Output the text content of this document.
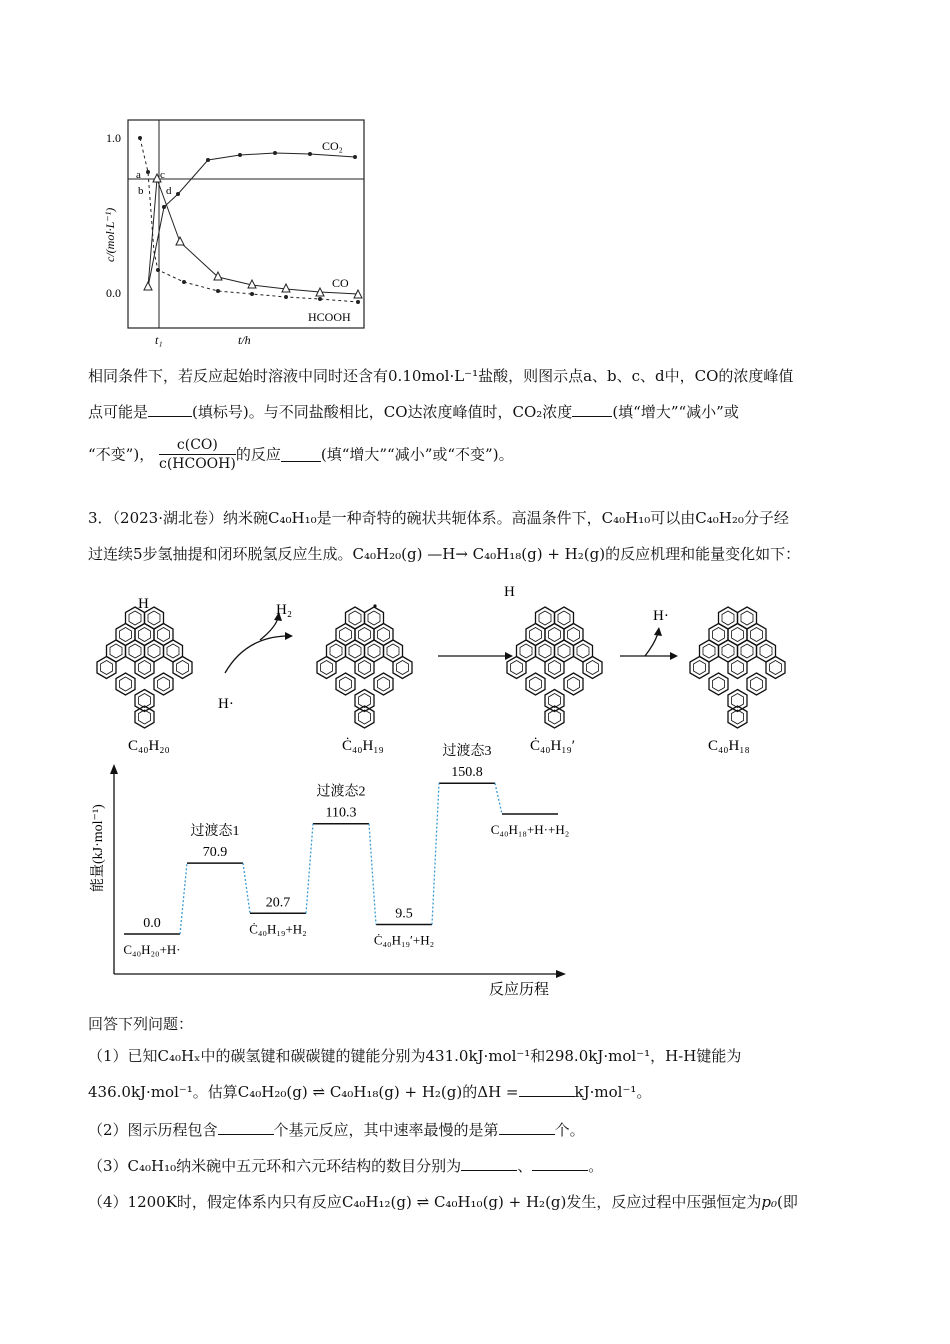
c/(mol·L⁻¹)
1.0
0.0
t₁	t/h
a
b
c
d
CO₂
CO
HCOOH
相同条件下，若反应起始时溶液中同时还含有0.10mol·L⁻¹盐酸，则图示点a、b、c、d中，CO的浓度峰值
点可能是	(填标号)。与不同盐酸相比，CO达浓度峰值时，CO₂浓度	(填“增大”“减小”或
“不变”)， $\frac{c(CO)}{\text{c(HCOOH)}}$ 的反应	(填“增大”“减小”或“不变”)。
3．（2023·湖北卷）纳米碗C₄₀H₁₀是一种奇特的碗状共轭体系。高温条件下，C₄₀H₁₀可以由C₄₀H₂₀分子经
过连续5步氢抽提和闭环脱氢反应生成。C₄₀H₂₀(g) —H→ C₄₀H₁₈(g) + H₂(g)的反应机理和能量变化如下：
H	H₂
H·
H
H·
C₄₀H₂₀	Ċ₄₀H₁₉	Ċ₄₀H₁₉′	C₄₀H₁₈
能量(kJ·mol⁻¹)
反应历程
0.0
C₄₀H₂₀+H·
70.9
过渡态1
20.7
Ċ₄₀H₁₉+H₂
110.3
过渡态2
9.5
Ċ₄₀H₁₉′+H₂
150.8
过渡态3
C₄₀H₁₈+H·+H₂
回答下列问题：
（1）已知C₄₀Hₓ中的碳氢键和碳碳键的键能分别为431.0kJ·mol⁻¹和298.0kJ·mol⁻¹，H-H键能为
436.0kJ·mol⁻¹。估算C₄₀H₂₀(g) ⇌ C₄₀H₁₈(g) + H₂(g)的ΔH =	kJ·mol⁻¹。
（2）图示历程包含	个基元反应，其中速率最慢的是第	个。
（3）C₄₀H₁₀纳米碗中五元环和六元环结构的数目分别为	、	。
（4）1200K时，假定体系内只有反应C₄₀H₁₂(g) ⇌ C₄₀H₁₀(g) + H₂(g)发生，反应过程中压强恒定为p₀(即
